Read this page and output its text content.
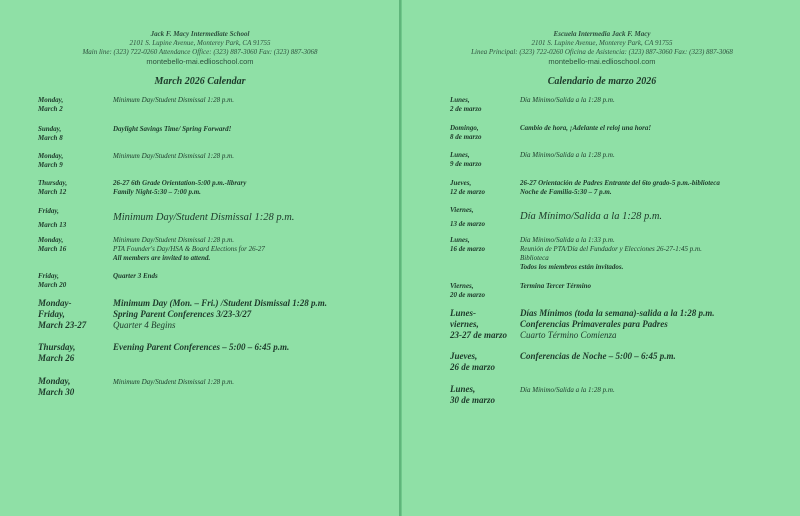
Jack F. Macy Intermediate School
2101 S. Lupine Avenue, Monterey Park, CA 91755
Main line: (323) 722-0260 Attendance Office: (323) 887-3060 Fax: (323) 887-3068
montebello-mai.edlioschool.com
March 2026 Calendar
Monday,
March 2
Minimum Day/Student Dismissal 1:28 p.m.
Sunday,
March 8
Daylight Savings Time/ Spring Forward!
Monday,
March 9
Minimum Day/Student Dismissal 1:28 p.m.
Thursday,
March 12
26-27 6th Grade Orientation-5:00 p.m.-library
Family Night-5:30 – 7:00 p.m.
Friday,
March 13
Minimum Day/Student Dismissal 1:28 p.m.
Monday,
March 16
Minimum Day/Student Dismissal 1:28 p.m.
PTA Founder's Day/HSA & Board Elections for 26-27
All members are invited to attend.
Friday,
March 20
Quarter 3 Ends
Monday-
Friday,
March 23-27
Minimum Day (Mon. – Fri.) /Student Dismissal 1:28 p.m.
Spring Parent Conferences 3/23-3/27
Quarter 4 Begins
Thursday,
March 26
Evening Parent Conferences – 5:00 – 6:45 p.m.
Monday,
March 30
Minimum Day/Student Dismissal 1:28 p.m.
Escuela Intermedia Jack F. Macy
2101 S. Lupine Avenue, Monterey Park, CA 91755
Linea Principal: (323) 722-0260 Oficina de Asistencia: (323) 887-3060 Fax: (323) 887-3068
montebello-mai.edlioschool.com
Calendario de marzo 2026
Lunes,
2 de marzo
Día Mínimo/Salida a la 1:28 p.m.
Domingo,
8 de marzo
Cambio de hora, ¡Adelante el reloj una hora!
Lunes,
9 de marzo
Día Mínimo/Salida a la 1:28 p.m.
Jueves,
12 de marzo
26-27 Orientación de Padres Entrante del 6to grado-5 p.m.-biblioteca
Noche de Familia-5:30 – 7 p.m.
Viernes,
13 de marzo
Día Mínimo/Salida a la 1:28 p.m.
Lunes,
16 de marzo
Día Mínimo/Salida a la 1:33 p.m.
Reunión de PTA/Día del Fundador y Elecciones 26-27-1:45 p.m.
Biblioteca
Todos los miembros están invitados.
Viernes,
20 de marzo
Termina Tercer Término
Lunes-
viernes,
23-27 de marzo
Días Mínimos (toda la semana)-salida a la 1:28 p.m.
Conferencias Primaverales para Padres
Cuarto Término Comienza
Jueves,
26 de marzo
Conferencias de Noche – 5:00 – 6:45 p.m.
Lunes,
30 de marzo
Día Mínimo/Salida a la 1:28 p.m.
